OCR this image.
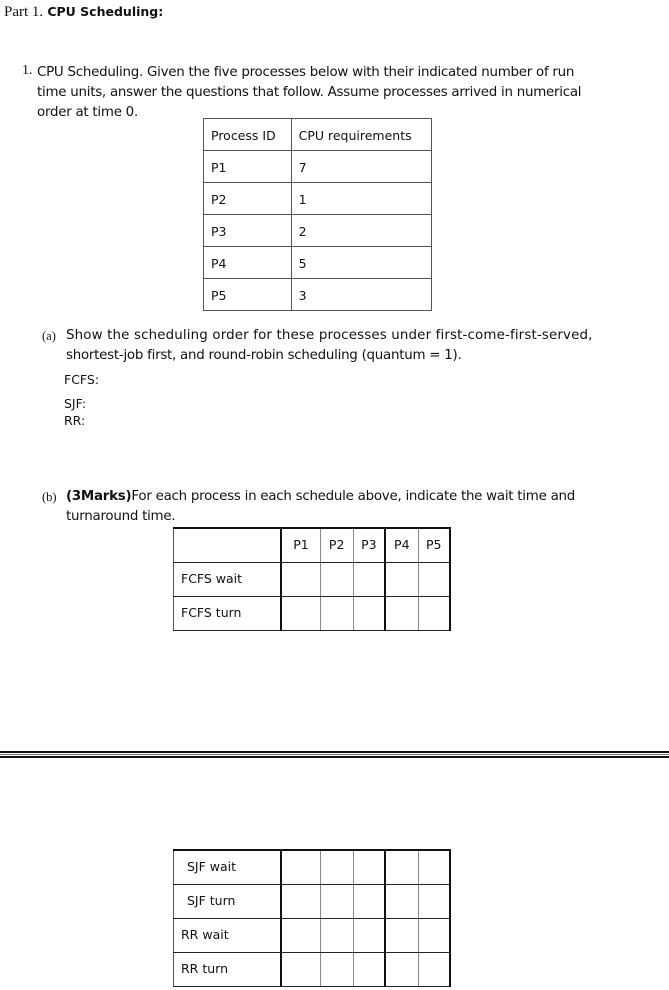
Part 1. CPU Scheduling:
1. CPU Scheduling. Given the five processes below with their indicated number of run
time units, answer the questions that follow. Assume processes arrived in numerical
order at time 0.
Process ID	CPU requirements
P1	7
P2	1
P3	2
P4	5
P5	3
(a) Show the scheduling order for these processes under first-come-first-served,
shortest-job first, and round-robin scheduling (quantum = 1).
FCFS:
SJF:
RR:
(b) (3Marks)For each process in each schedule above, indicate the wait time and
turnaround time.
	P1	P2	P3	P4	P5
FCFS wait					
FCFS turn					
SJF wait					
SJF turn					
RR wait					
RR turn					
